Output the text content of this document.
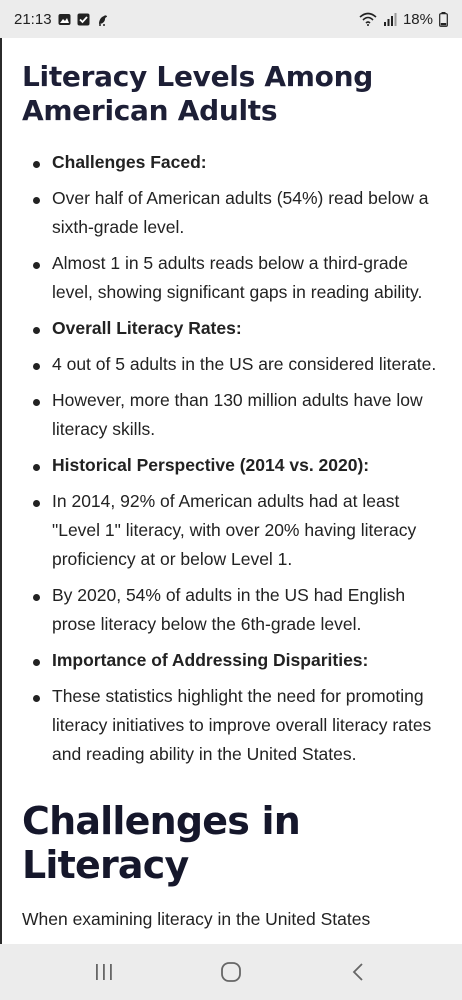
21:13	18%
Literacy Levels Among American Adults
Challenges Faced:
Over half of American adults (54%) read below a sixth-grade level.
Almost 1 in 5 adults reads below a third-grade level, showing significant gaps in reading ability.
Overall Literacy Rates:
4 out of 5 adults in the US are considered literate.
However, more than 130 million adults have low literacy skills.
Historical Perspective (2014 vs. 2020):
In 2014, 92% of American adults had at least "Level 1" literacy, with over 20% having literacy proficiency at or below Level 1.
By 2020, 54% of adults in the US had English prose literacy below the 6th-grade level.
Importance of Addressing Disparities:
These statistics highlight the need for promoting literacy initiatives to improve overall literacy rates and reading ability in the United States.
Challenges in Literacy

When examining literacy in the United States
